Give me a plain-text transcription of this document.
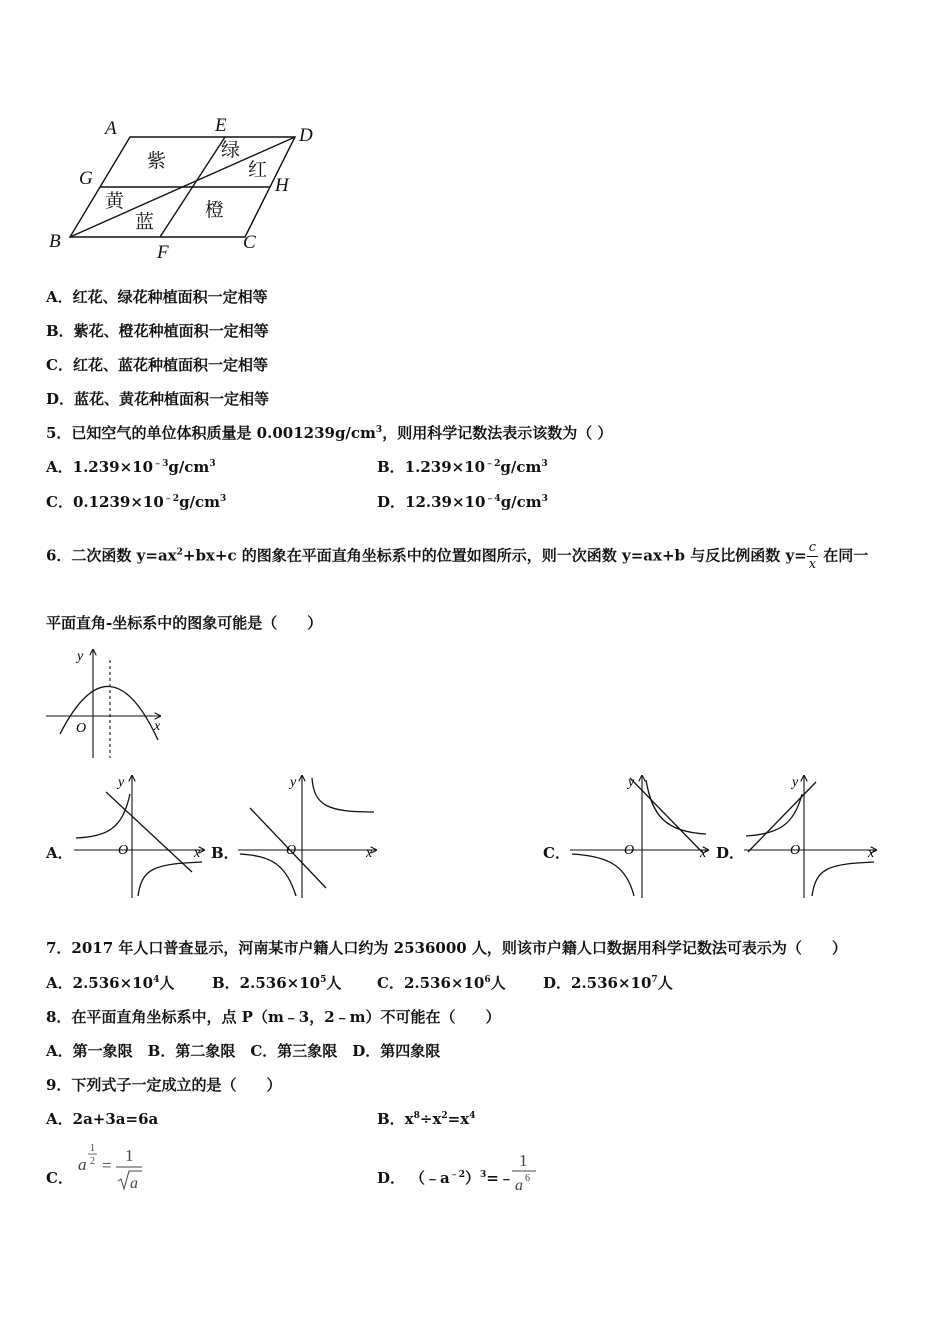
A	E	D
G	H
B
F	C
紫
绿
红
黄
蓝
橙
A．红花、绿花种植面积一定相等
B．紫花、橙花种植面积一定相等
C．红花、蓝花种植面积一定相等
D．蓝花、黄花种植面积一定相等
5．已知空气的单位体积质量是 $0.001239g/cm^3$，则用科学记数法表示该数为（ ）
A．$1.239\times 10^{﹣3}g/cm^3$	B．$1.239\times 10^{﹣2}g/cm^3$
C．$0.1239\times 10^{﹣2}g/cm^3$	D．$12.39\times 10^{﹣4}g/cm^3$
6．二次函数 $y=ax^2+bx+c$ 的图象在平面直角坐标系中的位置如图所示，则一次函数 y=ax+b 与反比例函数 $y= \frac{c}{x}$ 在同一
平面直角-坐标系中的图象可能是（　　）
y
x
O
A．
y
x
O	B．
y
x
O	C．
y
x
O	D．
y
x
O
7．2017 年人口普查显示，河南某市户籍人口约为 2536000 人，则该市户籍人口数据用科学记数法可表示为（　　）
A．$2.536\times 10^4$人	B．$2.536\times 10^5$人 C．$2.536\times 10^6$人 D．$2.536\times 10^7$人
8．在平面直角坐标系中，点 P（m﹣3，2﹣m）不可能在（　　）
A．第一象限　B．第二象限　C．第三象限　D．第四象限
9．下列式子一定成立的是（　　）
A．2a+3a=6a	B．$x^8\div x^2=x^4$
C．
a
1
2 =
1
a	D． $(﹣a^{﹣2})^3=﹣$
1
a 6
